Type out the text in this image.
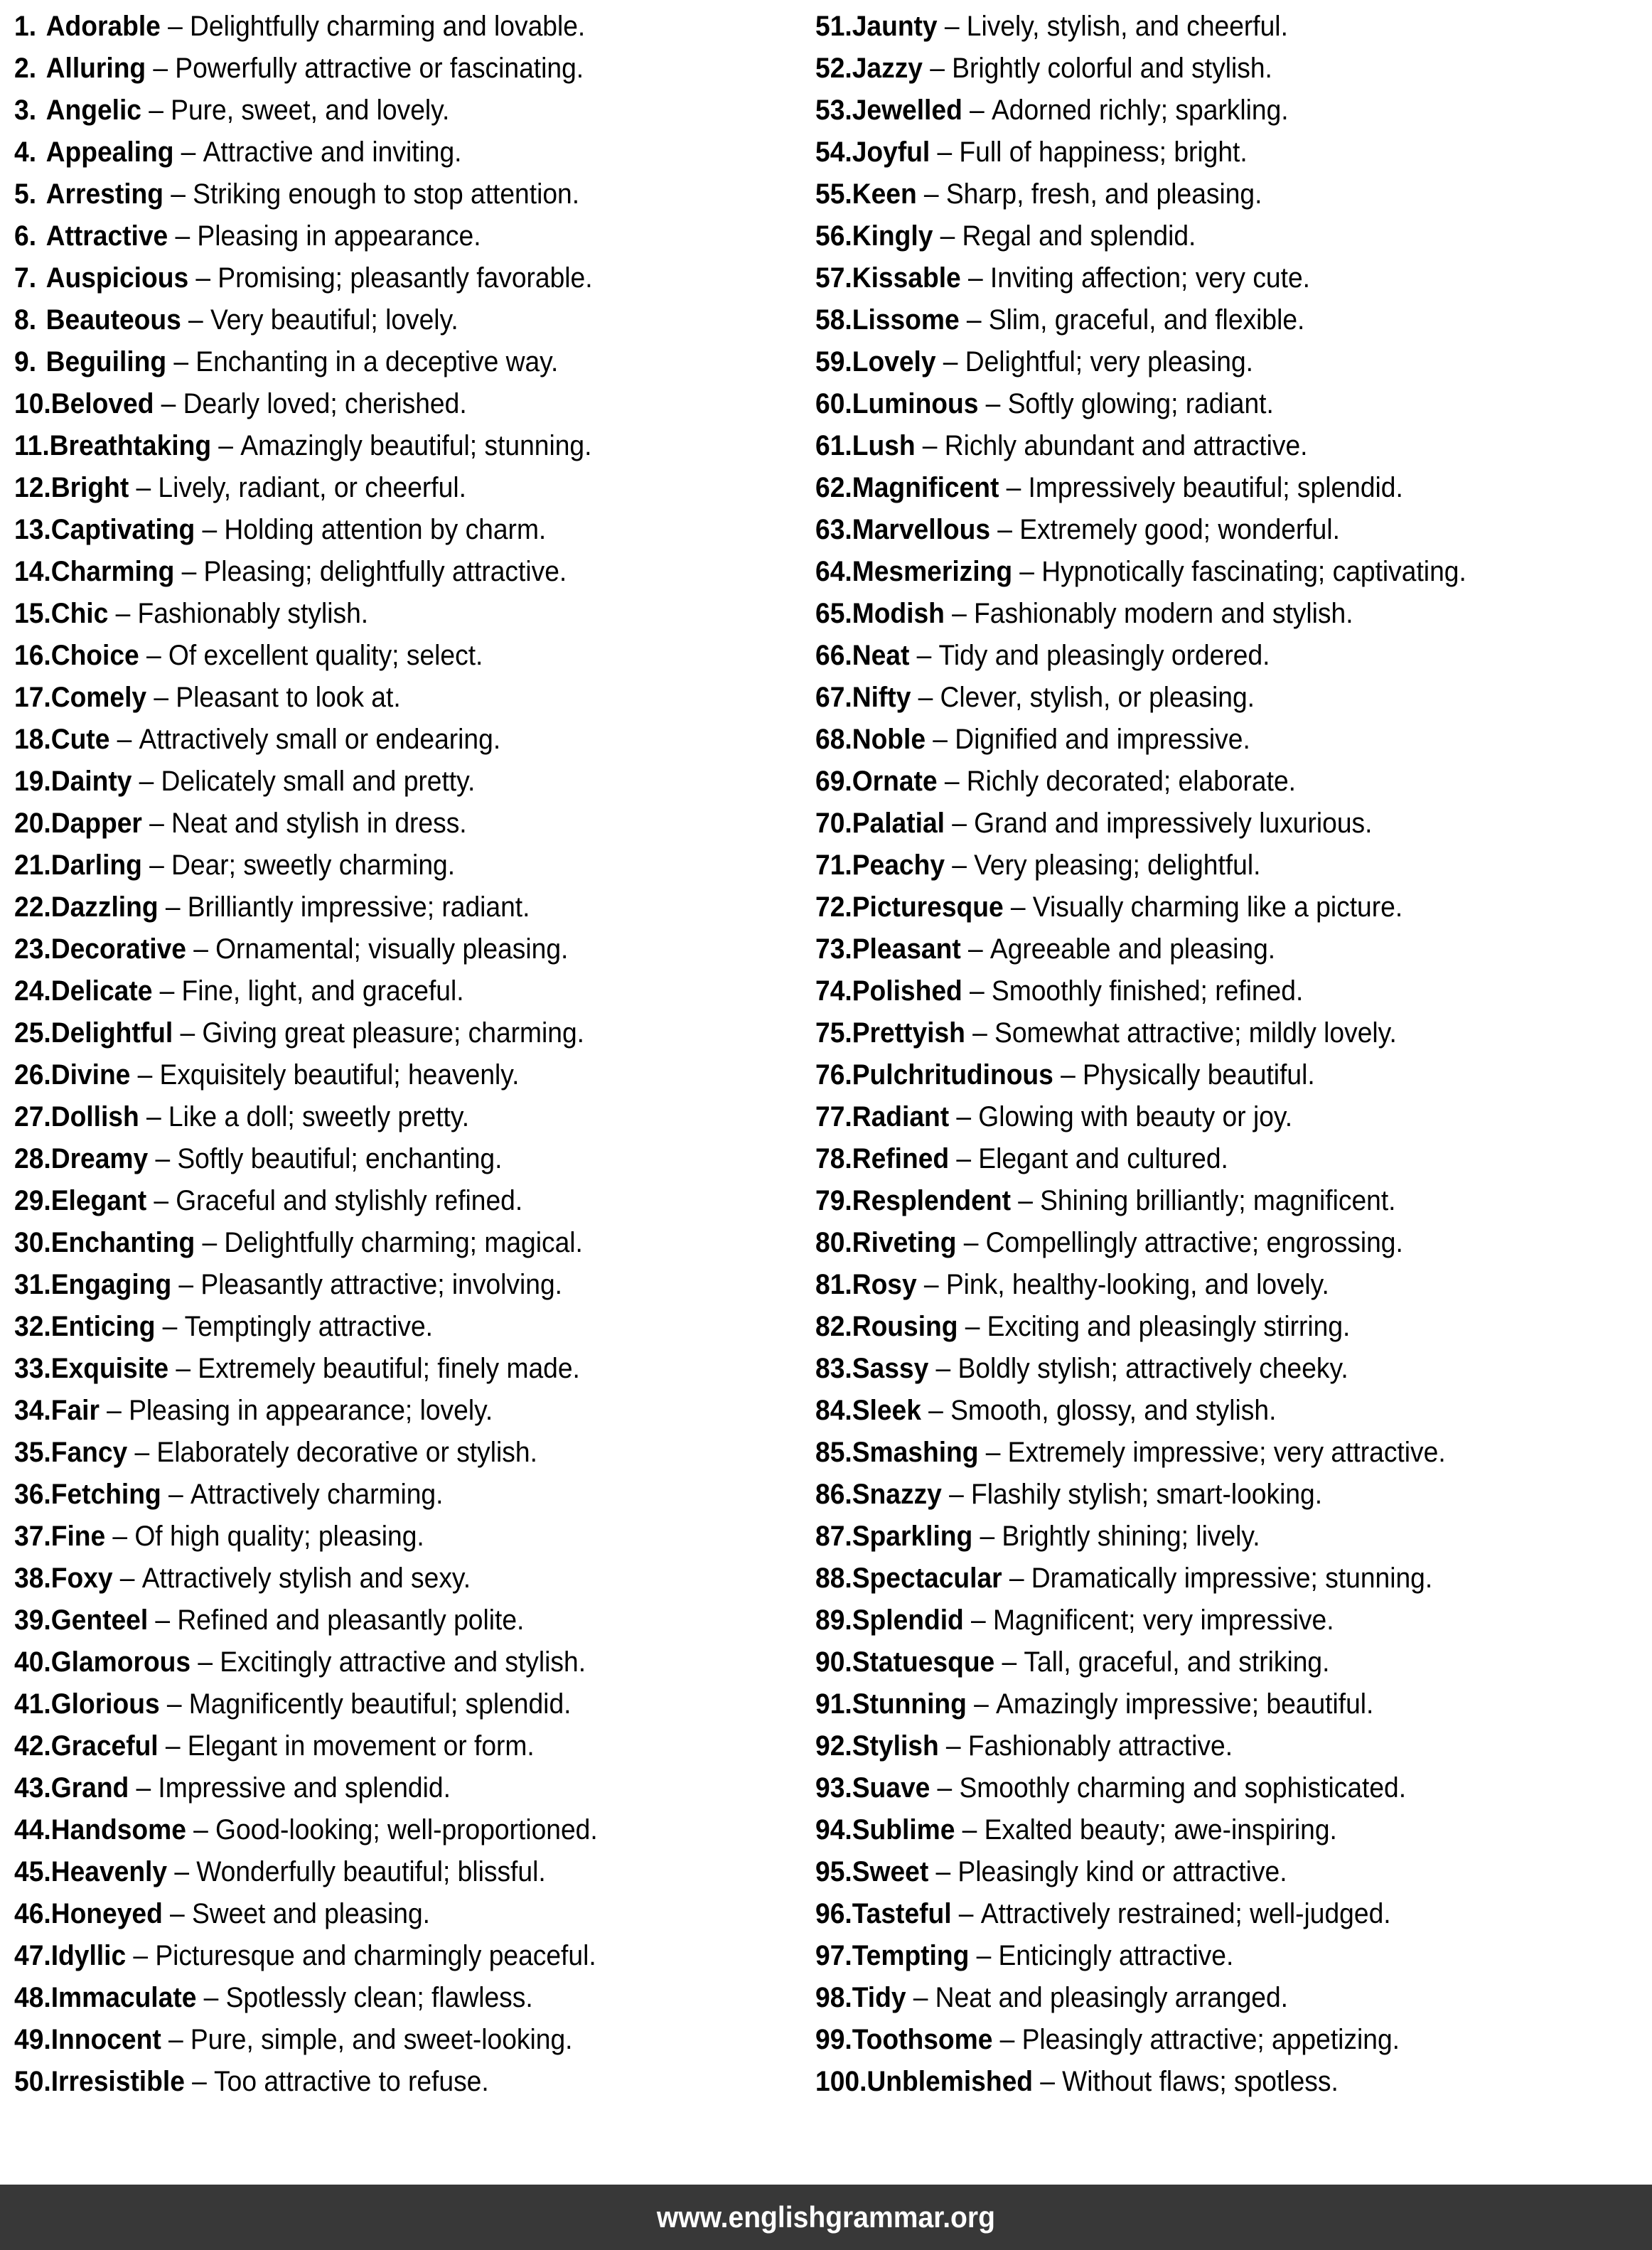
1. Adorable – Delightfully charming and lovable.
2. Alluring – Powerfully attractive or fascinating.
3. Angelic – Pure, sweet, and lovely.
4. Appealing – Attractive and inviting.
5. Arresting – Striking enough to stop attention.
6. Attractive – Pleasing in appearance.
7. Auspicious – Promising; pleasantly favorable.
8. Beauteous – Very beautiful; lovely.
9. Beguiling – Enchanting in a deceptive way.
10.Beloved – Dearly loved; cherished.
11.Breathtaking – Amazingly beautiful; stunning.
12.Bright – Lively, radiant, or cheerful.
13.Captivating – Holding attention by charm.
14.Charming – Pleasing; delightfully attractive.
15.Chic – Fashionably stylish.
16.Choice – Of excellent quality; select.
17.Comely – Pleasant to look at.
18.Cute – Attractively small or endearing.
19.Dainty – Delicately small and pretty.
20.Dapper – Neat and stylish in dress.
21.Darling – Dear; sweetly charming.
22.Dazzling – Brilliantly impressive; radiant.
23.Decorative – Ornamental; visually pleasing.
24.Delicate – Fine, light, and graceful.
25.Delightful – Giving great pleasure; charming.
26.Divine – Exquisitely beautiful; heavenly.
27.Dollish – Like a doll; sweetly pretty.
28.Dreamy – Softly beautiful; enchanting.
29.Elegant – Graceful and stylishly refined.
30.Enchanting – Delightfully charming; magical.
31.Engaging – Pleasantly attractive; involving.
32.Enticing – Temptingly attractive.
33.Exquisite – Extremely beautiful; finely made.
34.Fair – Pleasing in appearance; lovely.
35.Fancy – Elaborately decorative or stylish.
36.Fetching – Attractively charming.
37.Fine – Of high quality; pleasing.
38.Foxy – Attractively stylish and sexy.
39.Genteel – Refined and pleasantly polite.
40.Glamorous – Excitingly attractive and stylish.
41.Glorious – Magnificently beautiful; splendid.
42.Graceful – Elegant in movement or form.
43.Grand – Impressive and splendid.
44.Handsome – Good-looking; well-proportioned.
45.Heavenly – Wonderfully beautiful; blissful.
46.Honeyed – Sweet and pleasing.
47.Idyllic – Picturesque and charmingly peaceful.
48.Immaculate – Spotlessly clean; flawless.
49.Innocent – Pure, simple, and sweet-looking.
50.Irresistible – Too attractive to refuse.
51.Jaunty – Lively, stylish, and cheerful.
52.Jazzy – Brightly colorful and stylish.
53.Jewelled – Adorned richly; sparkling.
54.Joyful – Full of happiness; bright.
55.Keen – Sharp, fresh, and pleasing.
56.Kingly – Regal and splendid.
57.Kissable – Inviting affection; very cute.
58.Lissome – Slim, graceful, and flexible.
59.Lovely – Delightful; very pleasing.
60.Luminous – Softly glowing; radiant.
61.Lush – Richly abundant and attractive.
62.Magnificent – Impressively beautiful; splendid.
63.Marvellous – Extremely good; wonderful.
64.Mesmerizing – Hypnotically fascinating; captivating.
65.Modish – Fashionably modern and stylish.
66.Neat – Tidy and pleasingly ordered.
67.Nifty – Clever, stylish, or pleasing.
68.Noble – Dignified and impressive.
69.Ornate – Richly decorated; elaborate.
70.Palatial – Grand and impressively luxurious.
71.Peachy – Very pleasing; delightful.
72.Picturesque – Visually charming like a picture.
73.Pleasant – Agreeable and pleasing.
74.Polished – Smoothly finished; refined.
75.Prettyish – Somewhat attractive; mildly lovely.
76.Pulchritudinous – Physically beautiful.
77.Radiant – Glowing with beauty or joy.
78.Refined – Elegant and cultured.
79.Resplendent – Shining brilliantly; magnificent.
80.Riveting – Compellingly attractive; engrossing.
81.Rosy – Pink, healthy-looking, and lovely.
82.Rousing – Exciting and pleasingly stirring.
83.Sassy – Boldly stylish; attractively cheeky.
84.Sleek – Smooth, glossy, and stylish.
85.Smashing – Extremely impressive; very attractive.
86.Snazzy – Flashily stylish; smart-looking.
87.Sparkling – Brightly shining; lively.
88.Spectacular – Dramatically impressive; stunning.
89.Splendid – Magnificent; very impressive.
90.Statuesque – Tall, graceful, and striking.
91.Stunning – Amazingly impressive; beautiful.
92.Stylish – Fashionably attractive.
93.Suave – Smoothly charming and sophisticated.
94.Sublime – Exalted beauty; awe-inspiring.
95.Sweet – Pleasingly kind or attractive.
96.Tasteful – Attractively restrained; well-judged.
97.Tempting – Enticingly attractive.
98.Tidy – Neat and pleasingly arranged.
99.Toothsome – Pleasingly attractive; appetizing.
100.Unblemished – Without flaws; spotless.
www.englishgrammar.org
